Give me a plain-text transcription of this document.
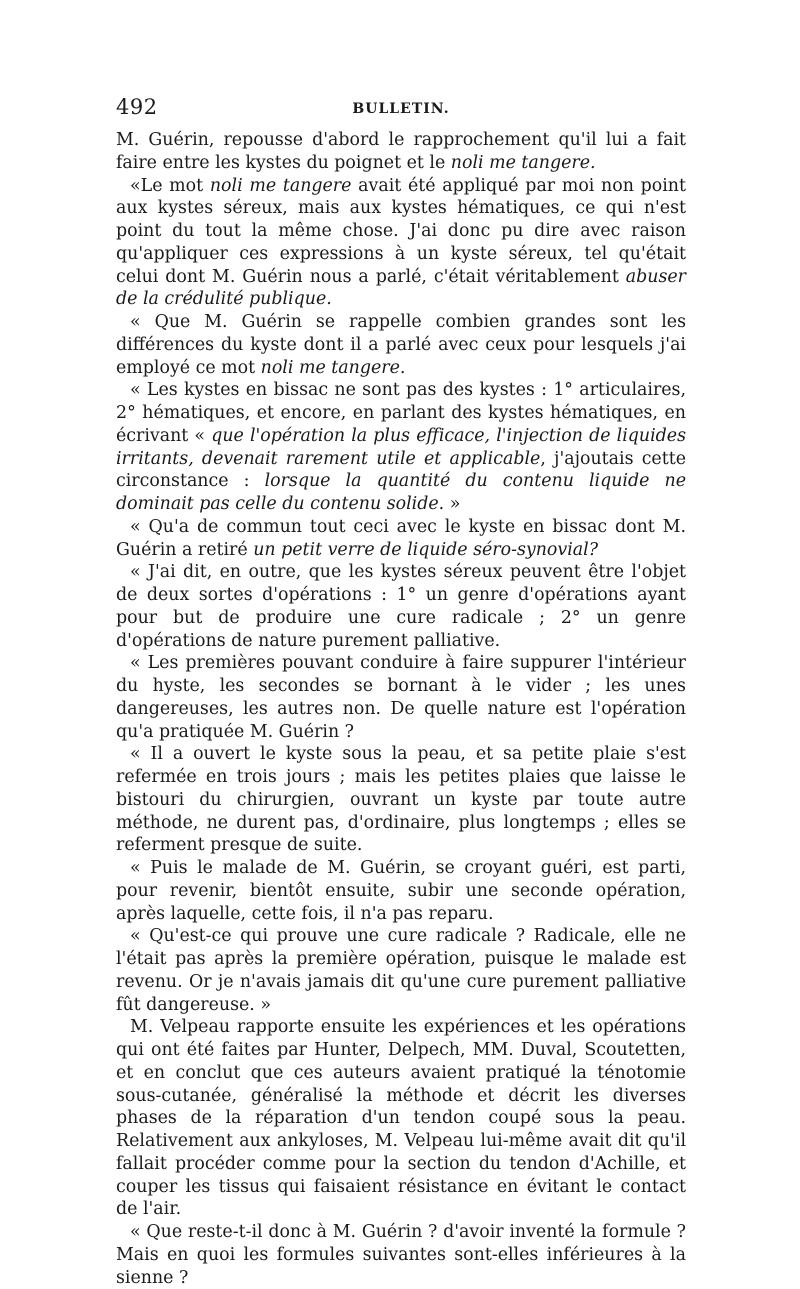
492	BULLETIN.

M. Guérin, repousse d'abord le rapprochement qu'il lui a fait faire entre les kystes du poignet et le noli me tangere.

«Le mot noli me tangere avait été appliqué par moi non point aux kystes séreux, mais aux kystes hématiques, ce qui n'est point du tout la même chose. J'ai donc pu dire avec raison qu'appliquer ces expressions à un kyste séreux, tel qu'était celui dont M. Guérin nous a parlé, c'était véritablement abuser de la crédulité publique.

« Que M. Guérin se rappelle combien grandes sont les différences du kyste dont il a parlé avec ceux pour lesquels j'ai employé ce mot noli me tangere.

« Les kystes en bissac ne sont pas des kystes : 1° articulaires, 2° hématiques, et encore, en parlant des kystes hématiques, en écrivant « que l'opération la plus efficace, l'injection de liquides irritants, devenait rarement utile et applicable, j'ajoutais cette circonstance : lorsque la quantité du contenu liquide ne dominait pas celle du contenu solide. »

« Qu'a de commun tout ceci avec le kyste en bissac dont M. Guérin a retiré un petit verre de liquide séro-synovial?

« J'ai dit, en outre, que les kystes séreux peuvent être l'objet de deux sortes d'opérations : 1° un genre d'opérations ayant pour but de produire une cure radicale ; 2° un genre d'opérations de nature purement palliative.

« Les premières pouvant conduire à faire suppurer l'intérieur du hyste, les secondes se bornant à le vider ; les unes dangereuses, les autres non. De quelle nature est l'opération qu'a pratiquée M. Guérin ?

« Il a ouvert le kyste sous la peau, et sa petite plaie s'est refermée en trois jours ; mais les petites plaies que laisse le bistouri du chirurgien, ouvrant un kyste par toute autre méthode, ne durent pas, d'ordinaire, plus longtemps ; elles se referment presque de suite.

« Puis le malade de M. Guérin, se croyant guéri, est parti, pour revenir, bientôt ensuite, subir une seconde opération, après laquelle, cette fois, il n'a pas reparu.

« Qu'est-ce qui prouve une cure radicale ? Radicale, elle ne l'était pas après la première opération, puisque le malade est revenu. Or je n'avais jamais dit qu'une cure purement palliative fût dangereuse. »

M. Velpeau rapporte ensuite les expériences et les opérations qui ont été faites par Hunter, Delpech, MM. Duval, Scoutetten, et en conclut que ces auteurs avaient pratiqué la ténotomie sous-cutanée, généralisé la méthode et décrit les diverses phases de la réparation d'un tendon coupé sous la peau. Relativement aux ankyloses, M. Velpeau lui-même avait dit qu'il fallait procéder comme pour la section du tendon d'Achille, et couper les tissus qui faisaient résistance en évitant le contact de l'air.

« Que reste-t-il donc à M. Guérin ? d'avoir inventé la formule ? Mais en quoi les formules suivantes sont-elles inférieures à la sienne ?
